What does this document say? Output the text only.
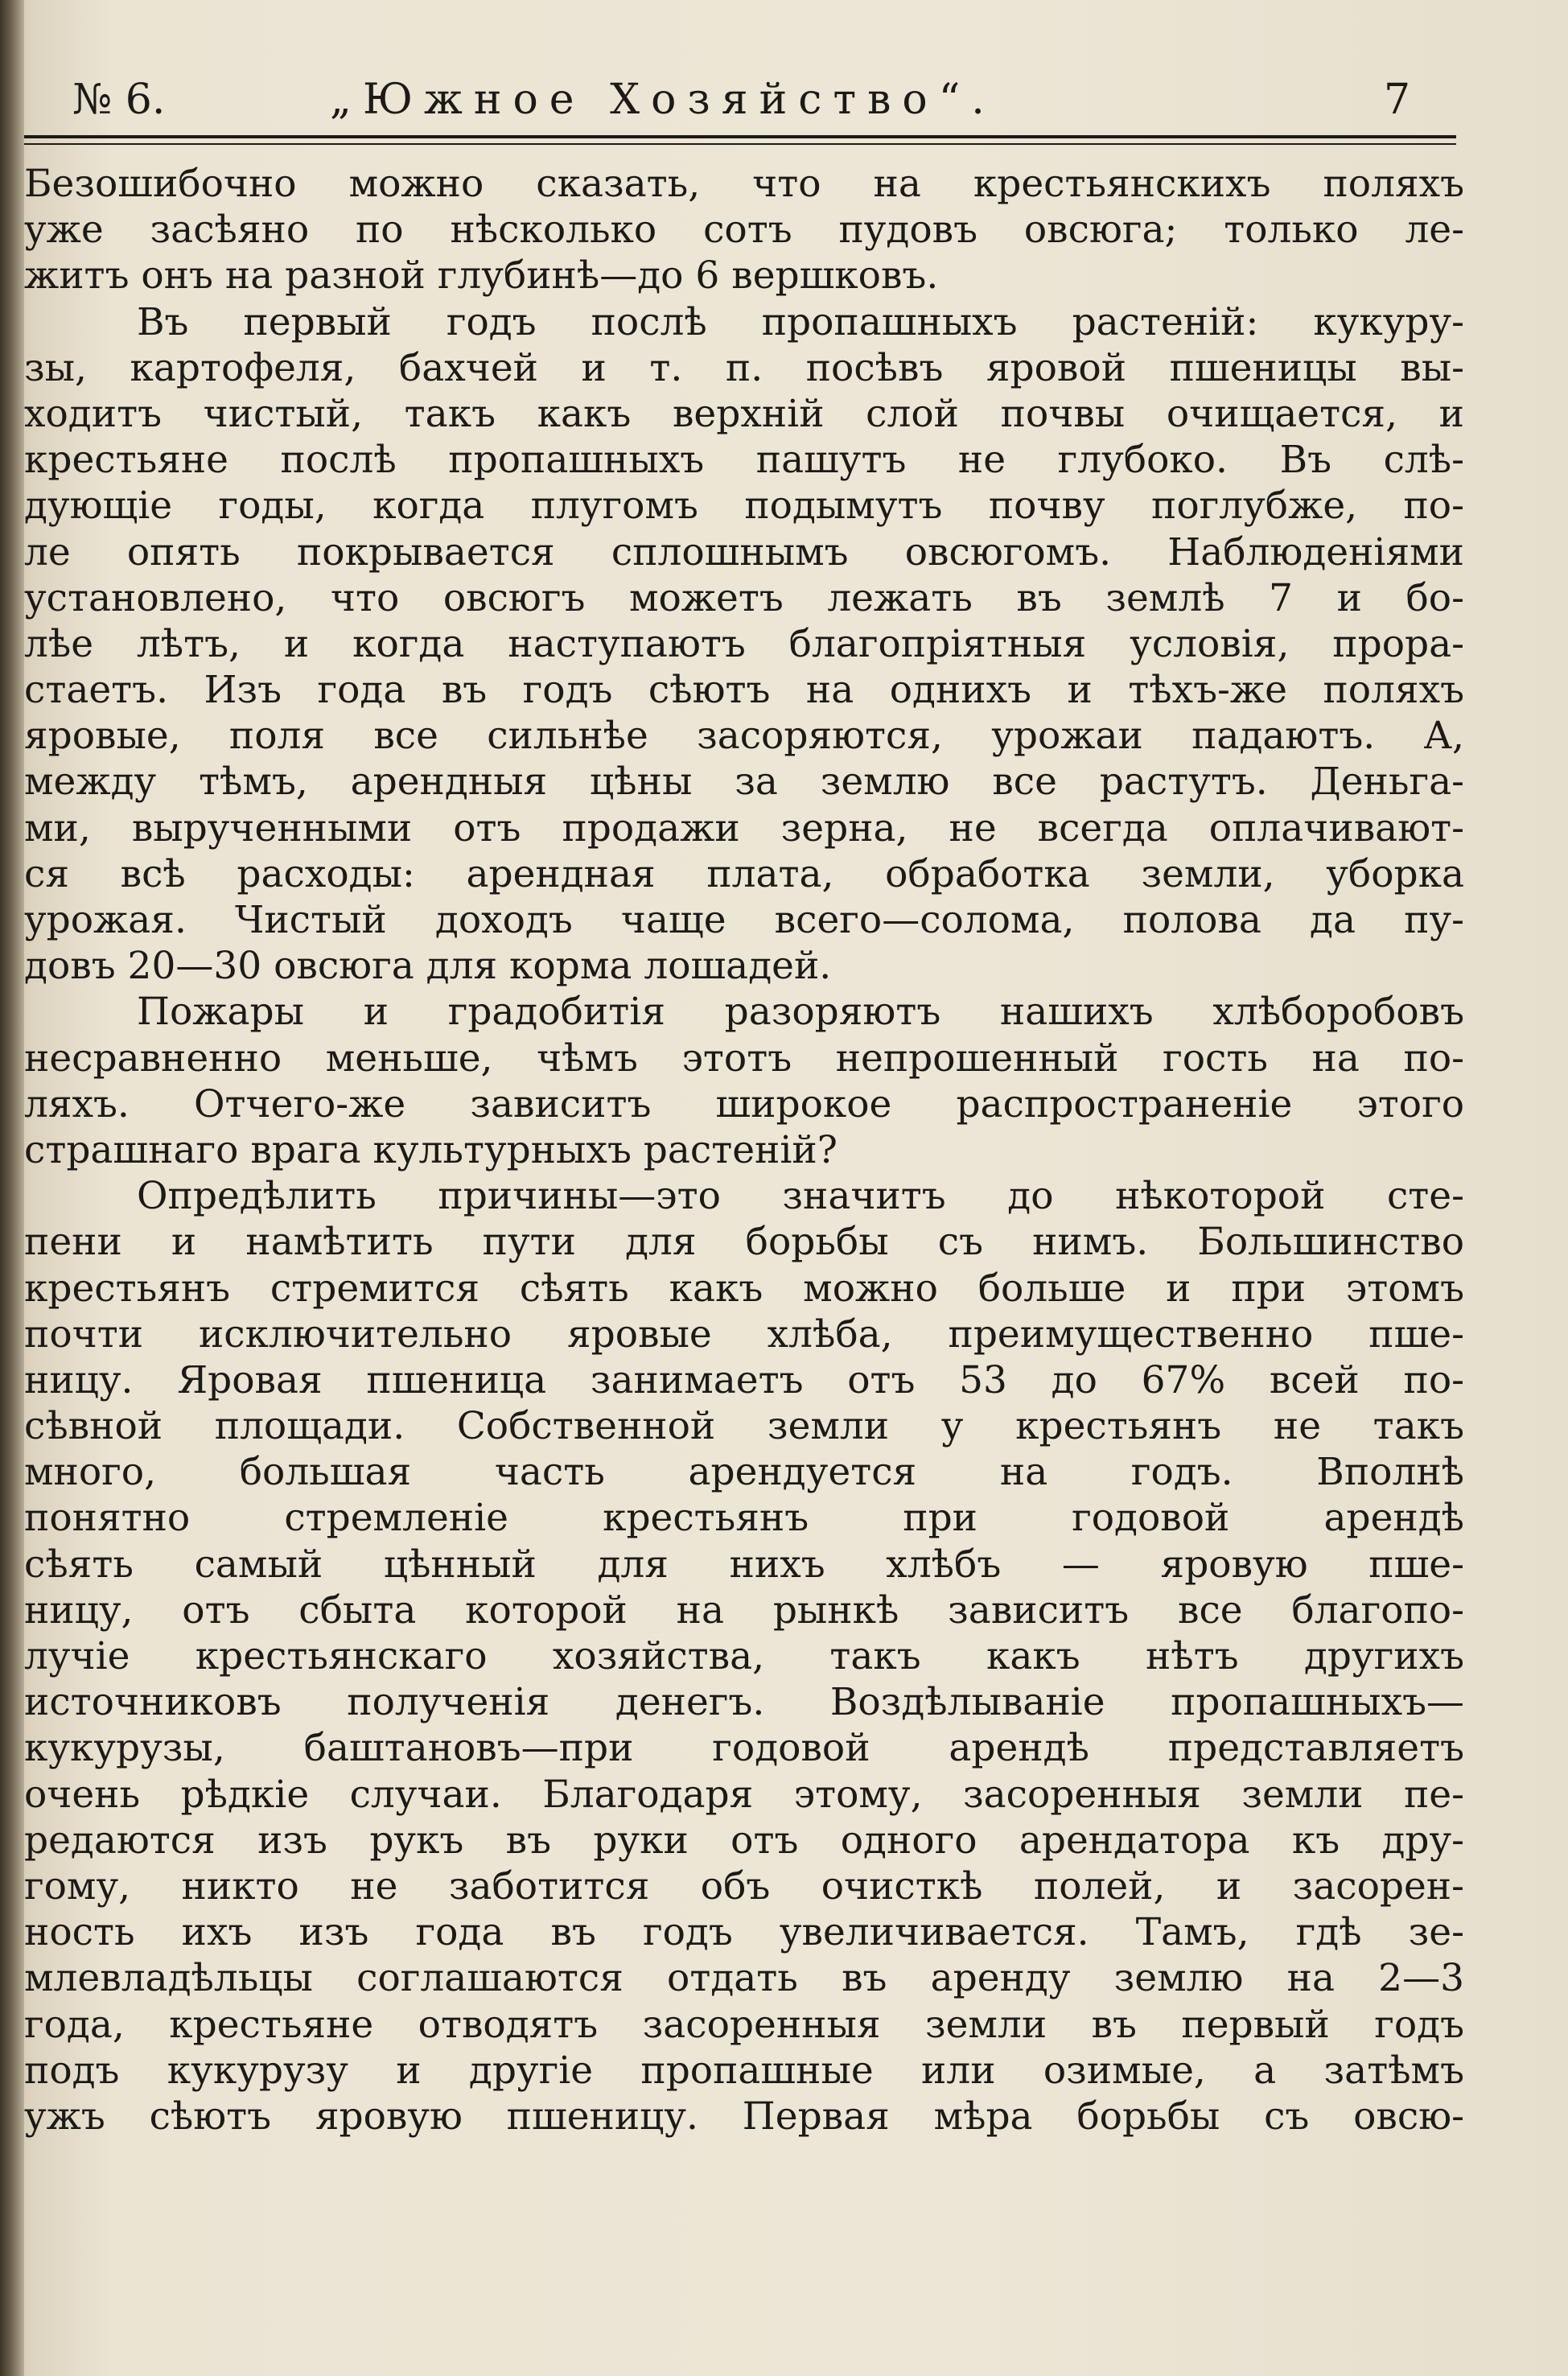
№ 6.	„Южное Хозяйство“.	7
Безошибочно можно сказать, что на крестьянскихъ поляхъ
уже засѣяно по нѣсколько сотъ пудовъ овсюга; только ле-
житъ онъ на разной глубинѣ—до 6 вершковъ.
Въ первый годъ послѣ пропашныхъ растеній: кукуру-
зы, картофеля, бахчей и т. п. посѣвъ яровой пшеницы вы-
ходитъ чистый, такъ какъ верхній слой почвы очищается, и
крестьяне послѣ пропашныхъ пашутъ не глубоко. Въ слѣ-
дующіе годы, когда плугомъ подымутъ почву поглубже, по-
ле опять покрывается сплошнымъ овсюгомъ. Наблюденіями
установлено, что овсюгъ можетъ лежать въ землѣ 7 и бо-
лѣе лѣтъ, и когда наступаютъ благопріятныя условія, прора-
стаетъ. Изъ года въ годъ сѣютъ на однихъ и тѣхъ-же поляхъ
яровые, поля все сильнѣе засоряются, урожаи падаютъ. А,
между тѣмъ, арендныя цѣны за землю все растутъ. Деньга-
ми, вырученными отъ продажи зерна, не всегда оплачивают-
ся всѣ расходы: арендная плата, обработка земли, уборка
урожая. Чистый доходъ чаще всего—солома, полова да пу-
довъ 20—30 овсюга для корма лошадей.
Пожары и градобитія разоряютъ нашихъ хлѣборобовъ
несравненно меньше, чѣмъ этотъ непрошенный гость на по-
ляхъ. Отчего-же зависитъ широкое распространеніе этого
страшнаго врага культурныхъ растеній?
Опредѣлить причины—это значитъ до нѣкоторой сте-
пени и намѣтить пути для борьбы съ нимъ. Большинство
крестьянъ стремится сѣять какъ можно больше и при этомъ
почти исключительно яровые хлѣба, преимущественно пше-
ницу. Яровая пшеница занимаетъ отъ 53 до 67% всей по-
сѣвной площади. Собственной земли у крестьянъ не такъ
много, большая часть арендуется на годъ. Вполнѣ
понятно стремленіе крестьянъ при годовой арендѣ
сѣять самый цѣнный для нихъ хлѣбъ — яровую пше-
ницу, отъ сбыта которой на рынкѣ зависитъ все благопо-
лучіе крестьянскаго хозяйства, такъ какъ нѣтъ другихъ
источниковъ полученія денегъ. Воздѣлываніе пропашныхъ—
кукурузы, баштановъ—при годовой арендѣ представляетъ
очень рѣдкіе случаи. Благодаря этому, засоренныя земли пе-
редаются изъ рукъ въ руки отъ одного арендатора къ дру-
гому, никто не заботится объ очисткѣ полей, и засорен-
ность ихъ изъ года въ годъ увеличивается. Тамъ, гдѣ зе-
млевладѣльцы соглашаются отдать въ аренду землю на 2—3
года, крестьяне отводятъ засоренныя земли въ первый годъ
подъ кукурузу и другіе пропашные или озимые, а затѣмъ
ужъ сѣютъ яровую пшеницу. Первая мѣра борьбы съ овсю-
